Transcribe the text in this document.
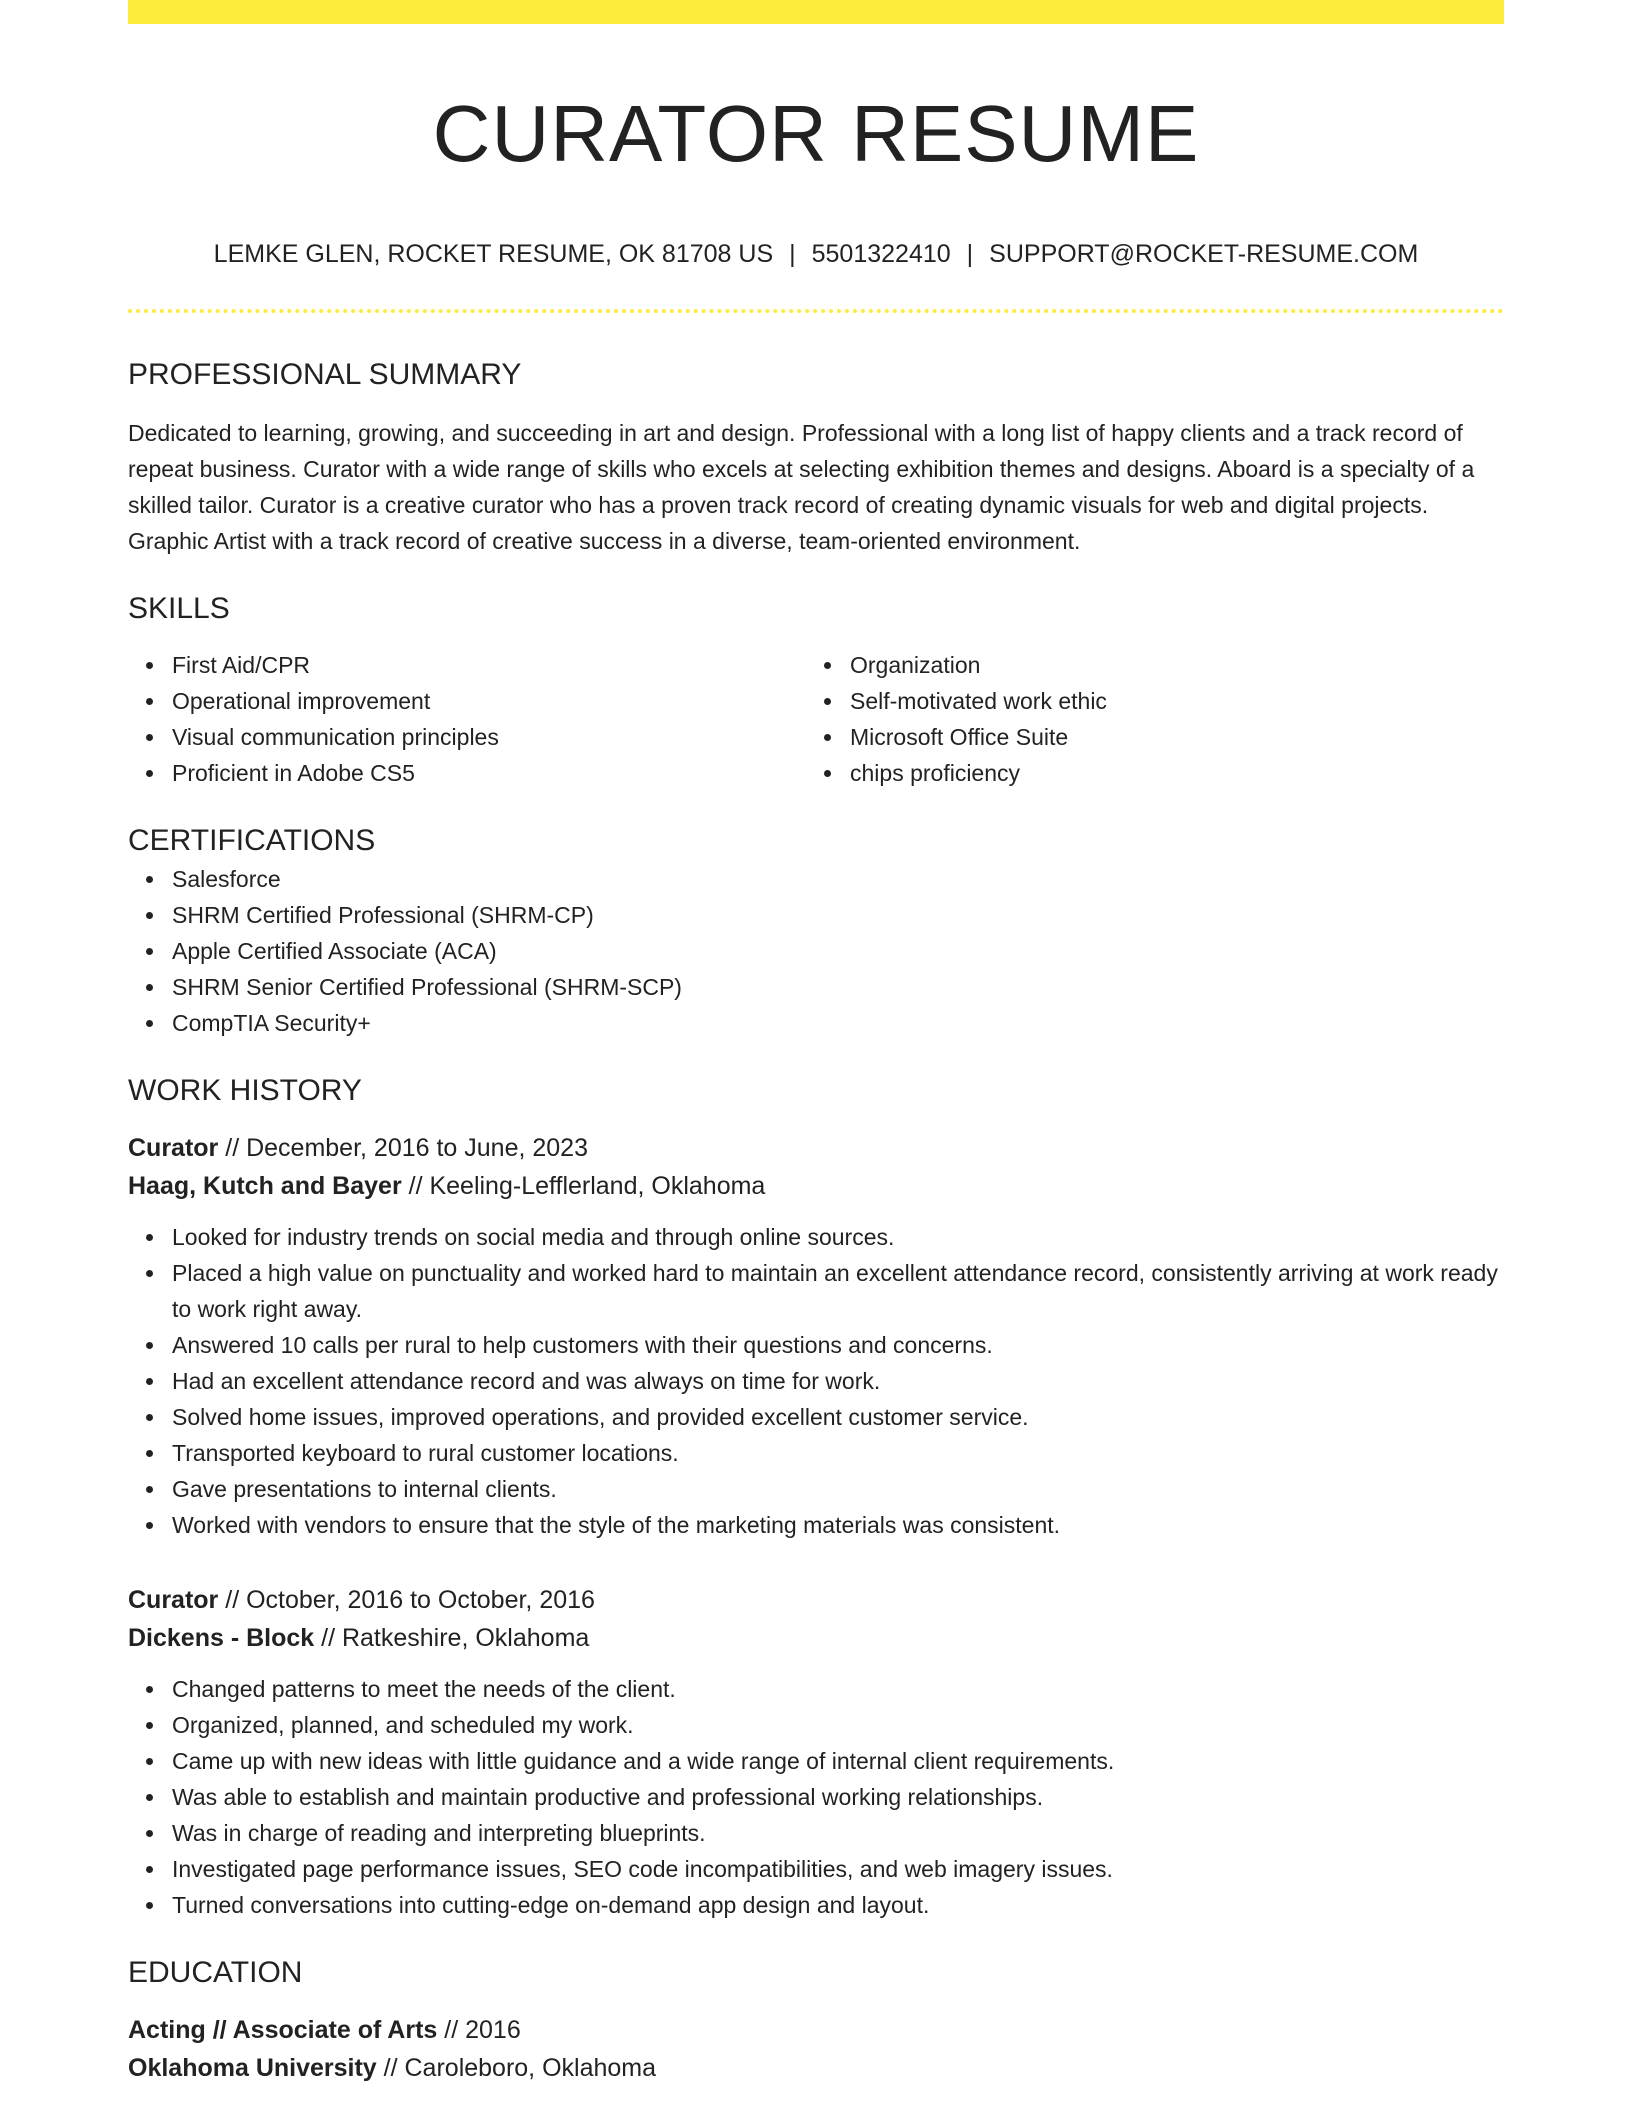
CURATOR RESUME
LEMKE GLEN, ROCKET RESUME, OK 81708 US | 5501322410 | SUPPORT@ROCKET-RESUME.COM
PROFESSIONAL SUMMARY
Dedicated to learning, growing, and succeeding in art and design. Professional with a long list of happy clients and a track record of repeat business. Curator with a wide range of skills who excels at selecting exhibition themes and designs. Aboard is a specialty of a skilled tailor. Curator is a creative curator who has a proven track record of creating dynamic visuals for web and digital projects. Graphic Artist with a track record of creative success in a diverse, team-oriented environment.
SKILLS
First Aid/CPR
Operational improvement
Visual communication principles
Proficient in Adobe CS5
Organization
Self-motivated work ethic
Microsoft Office Suite
chips proficiency
CERTIFICATIONS
Salesforce
SHRM Certified Professional (SHRM-CP)
Apple Certified Associate (ACA)
SHRM Senior Certified Professional (SHRM-SCP)
CompTIA Security+
WORK HISTORY
Curator // December, 2016 to June, 2023
Haag, Kutch and Bayer // Keeling-Lefflerland, Oklahoma
Looked for industry trends on social media and through online sources.
Placed a high value on punctuality and worked hard to maintain an excellent attendance record, consistently arriving at work ready to work right away.
Answered 10 calls per rural to help customers with their questions and concerns.
Had an excellent attendance record and was always on time for work.
Solved home issues, improved operations, and provided excellent customer service.
Transported keyboard to rural customer locations.
Gave presentations to internal clients.
Worked with vendors to ensure that the style of the marketing materials was consistent.
Curator // October, 2016 to October, 2016
Dickens - Block // Ratkeshire, Oklahoma
Changed patterns to meet the needs of the client.
Organized, planned, and scheduled my work.
Came up with new ideas with little guidance and a wide range of internal client requirements.
Was able to establish and maintain productive and professional working relationships.
Was in charge of reading and interpreting blueprints.
Investigated page performance issues, SEO code incompatibilities, and web imagery issues.
Turned conversations into cutting-edge on-demand app design and layout.
EDUCATION
Acting // Associate of Arts // 2016
Oklahoma University // Caroleboro, Oklahoma
